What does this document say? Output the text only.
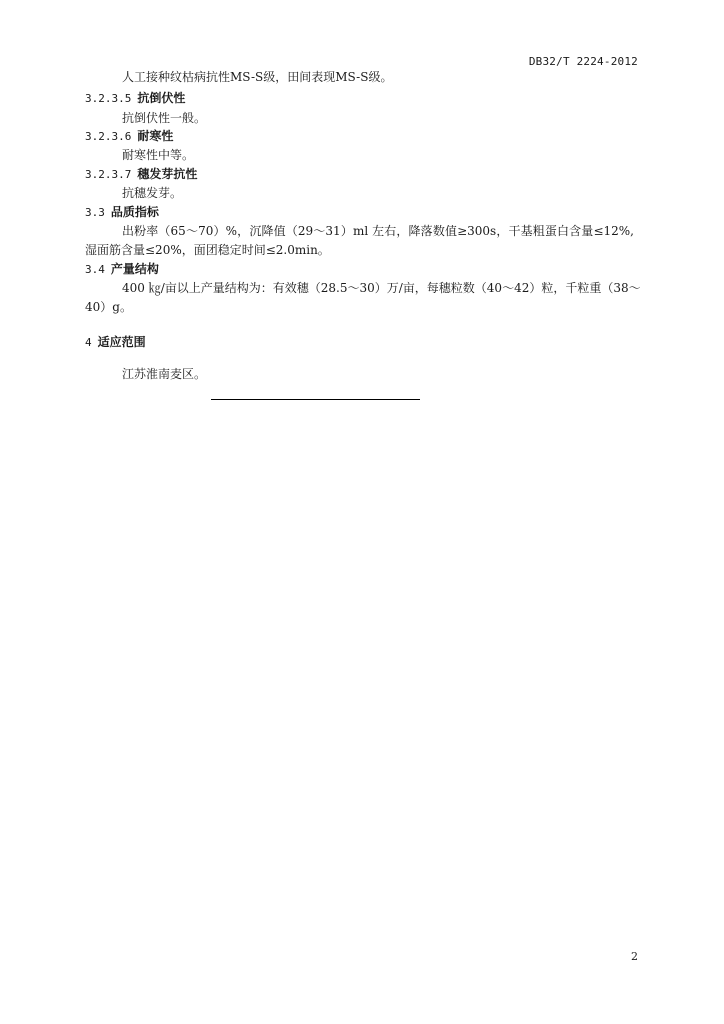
DB32/T 2224-2012
人工接种纹枯病抗性MS-S级，田间表现MS-S级。
3.2.3.5 抗倒伏性
抗倒伏性一般。
3.2.3.6 耐寒性
耐寒性中等。
3.2.3.7 穗发芽抗性
抗穗发芽。
3.3 品质指标
出粉率（65～70）%，沉降值（29～31）ml 左右，降落数值≥300s，干基粗蛋白含量≤12%,
湿面筋含量≤20%，面团稳定时间≤2.0min。
3.4 产量结构
400 ㎏/亩以上产量结构为：有效穗（28.5～30）万/亩，每穗粒数（40～42）粒，千粒重（38～
40）g。
4 适应范围
江苏淮南麦区。
2
